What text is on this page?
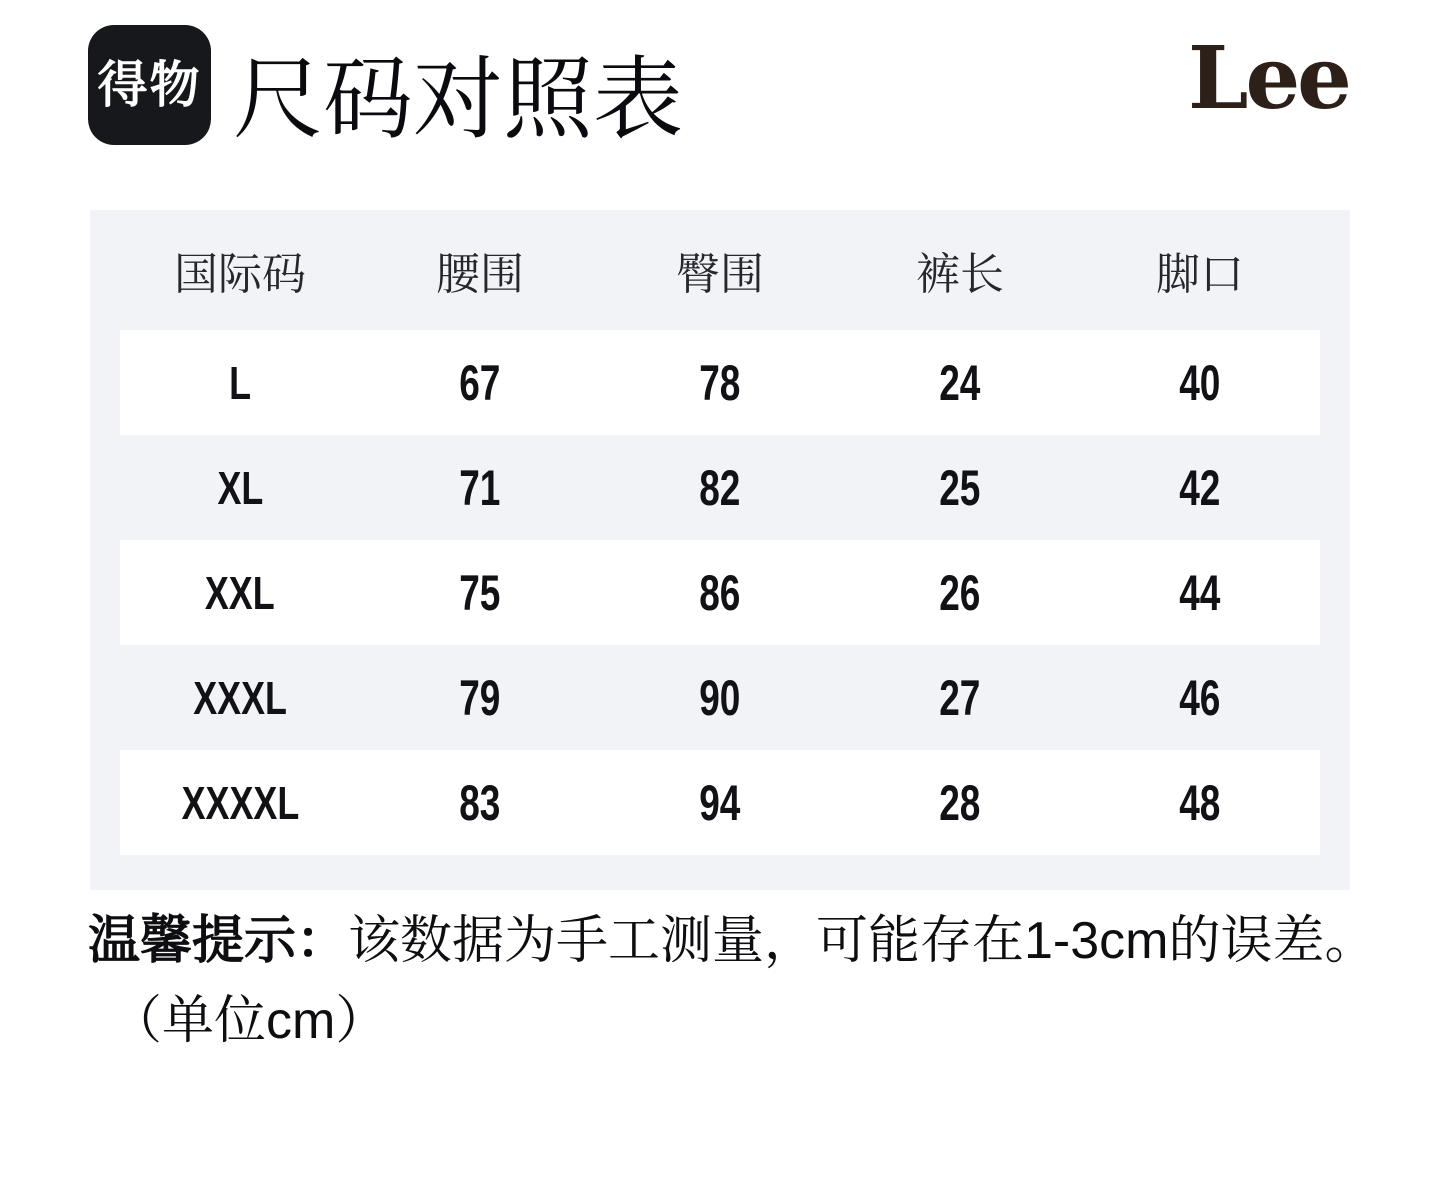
得物 尺码对照表	Lee
国际码	腰围	臀围	裤长	脚口
L	67	78	24	40
XL	71	82	25	42
XXL	75	86	26	44
XXXL	79	90	27	46
XXXXL	83	94	28	48
温馨提示：该数据为手工测量，可能存在1-3cm的误差。
（单位cm）
